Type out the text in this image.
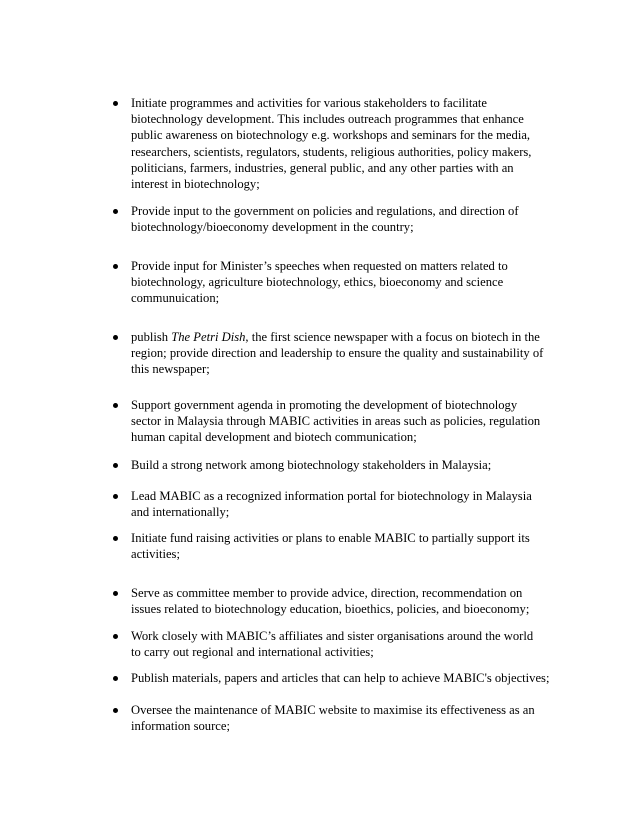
Initiate programmes and activities for various stakeholders to facilitate
biotechnology development. This includes outreach programmes that enhance
public awareness on biotechnology e.g. workshops and seminars for the media,
researchers, scientists, regulators, students, religious authorities, policy makers,
politicians, farmers, industries, general public, and any other parties with an
interest in biotechnology;
Provide input to the government on policies and regulations, and direction of
biotechnology/bioeconomy development in the country;
Provide input for Minister’s speeches when requested on matters related to
biotechnology, agriculture biotechnology, ethics, bioeconomy and science
communuication;
publish The Petri Dish, the first science newspaper with a focus on biotech in the
region; provide direction and leadership to ensure the quality and sustainability of
this newspaper;
Support government agenda in promoting the development of biotechnology
sector in Malaysia through MABIC activities in areas such as policies, regulation
human capital development and biotech communication;
Build a strong network among biotechnology stakeholders in Malaysia;
Lead MABIC as a recognized information portal for biotechnology in Malaysia
and internationally;
Initiate fund raising activities or plans to enable MABIC to partially support its
activities;
Serve as committee member to provide advice, direction, recommendation on
issues related to biotechnology education, bioethics, policies, and bioeconomy;
Work closely with MABIC’s affiliates and sister organisations around the world
to carry out regional and international activities;
Publish materials, papers and articles that can help to achieve MABIC's objectives;
Oversee the maintenance of MABIC website to maximise its effectiveness as an
information source;
